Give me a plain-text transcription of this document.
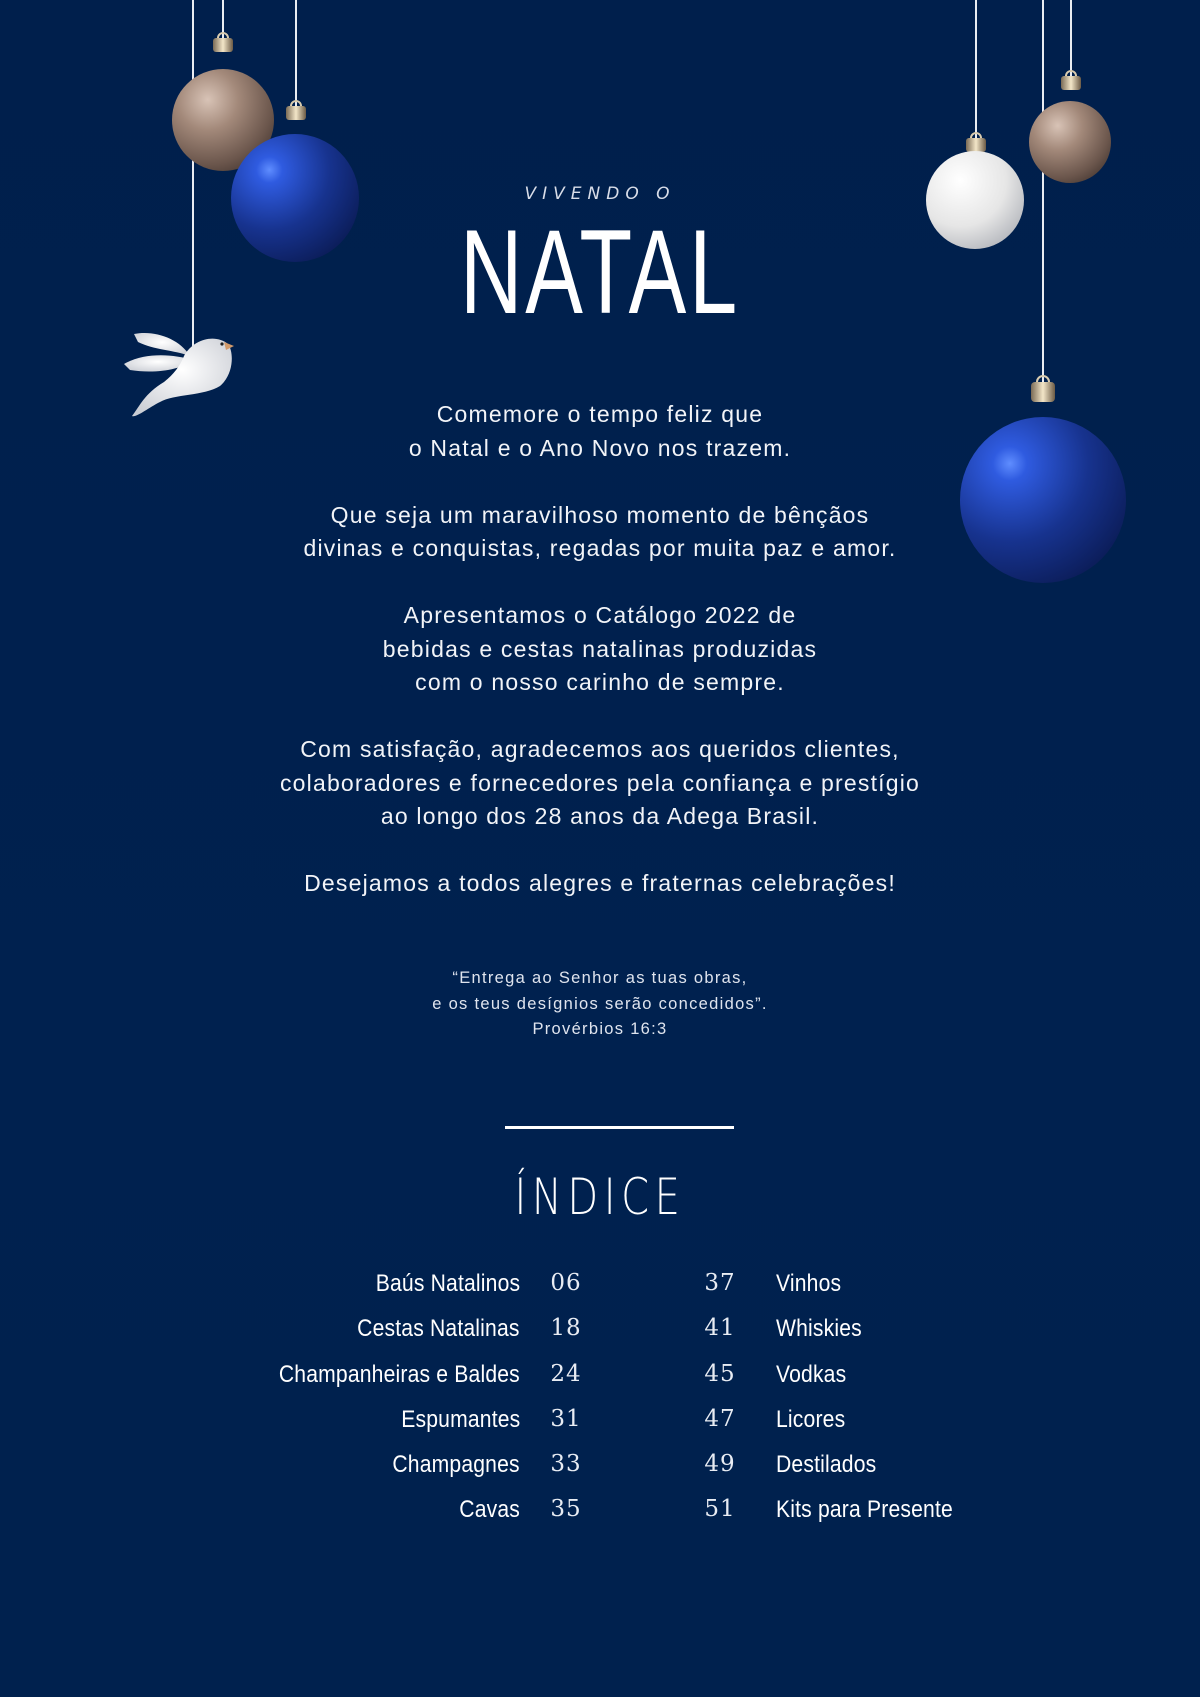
VIVENDO O
NATAL

Comemore o tempo feliz que
o Natal e o Ano Novo nos trazem.

Que seja um maravilhoso momento de bênçãos
divinas e conquistas, regadas por muita paz e amor.

Apresentamos o Catálogo 2022 de
bebidas e cestas natalinas produzidas
com o nosso carinho de sempre.

Com satisfação, agradecemos aos queridos clientes,
colaboradores e fornecedores pela confiança e prestígio
ao longo dos 28 anos da Adega Brasil.

Desejamos a todos alegres e fraternas celebrações!

“Entrega ao Senhor as tuas obras,
e os teus desígnios serão concedidos”.
Provérbios 16:3
ÍNDICE
Baús Natalinos	06
Cestas Natalinas	18
Champanheiras e Baldes	24
Espumantes	31
Champagnes	33
Cavas	35
37	Vinhos
41	Whiskies
45	Vodkas
47	Licores
49	Destilados
51	Kits para Presente
